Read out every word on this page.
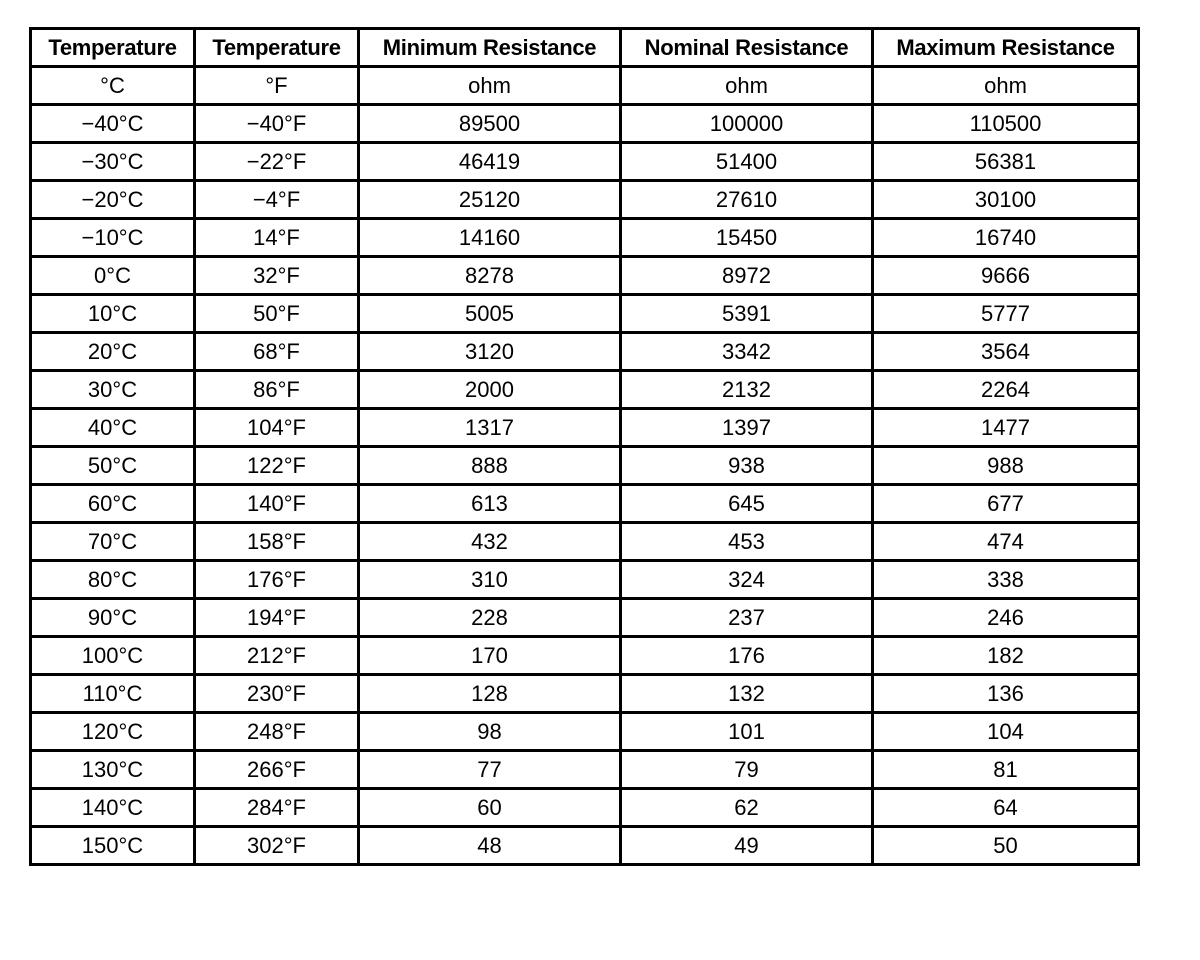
Temperature	Temperature	Minimum Resistance	Nominal Resistance	Maximum Resistance
°C	°F	ohm	ohm	ohm
−40°C	−40°F	89500	100000	110500
−30°C	−22°F	46419	51400	56381
−20°C	−4°F	25120	27610	30100
−10°C	14°F	14160	15450	16740
0°C	32°F	8278	8972	9666
10°C	50°F	5005	5391	5777
20°C	68°F	3120	3342	3564
30°C	86°F	2000	2132	2264
40°C	104°F	1317	1397	1477
50°C	122°F	888	938	988
60°C	140°F	613	645	677
70°C	158°F	432	453	474
80°C	176°F	310	324	338
90°C	194°F	228	237	246
100°C	212°F	170	176	182
110°C	230°F	128	132	136
120°C	248°F	98	101	104
130°C	266°F	77	79	81
140°C	284°F	60	62	64
150°C	302°F	48	49	50
